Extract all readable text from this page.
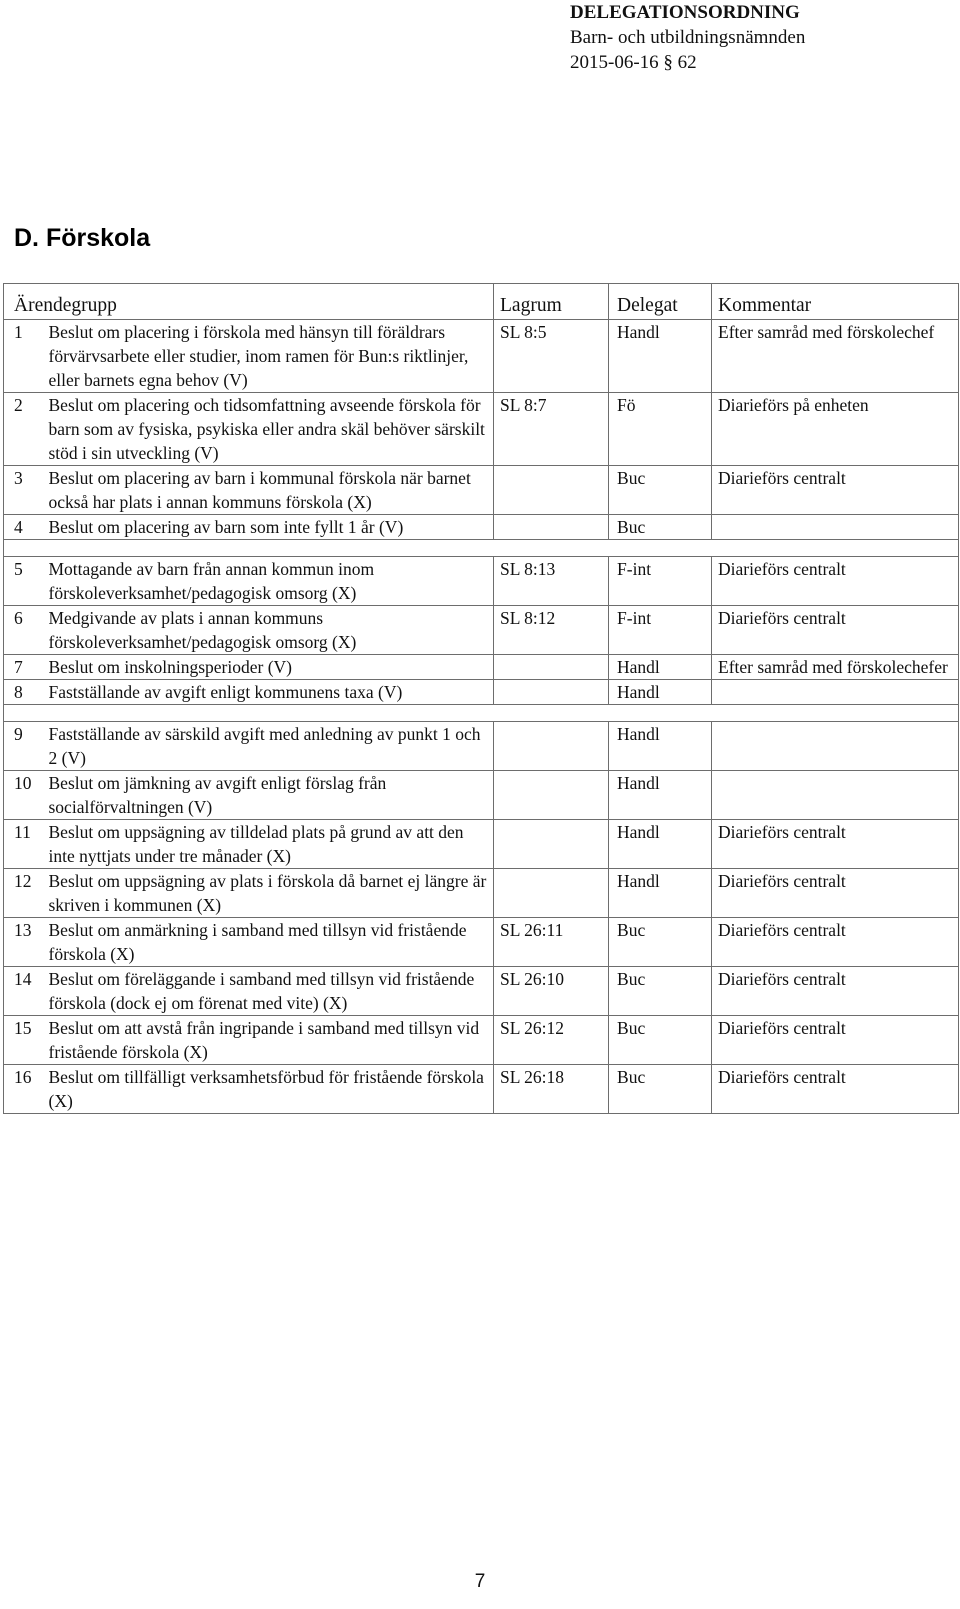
DELEGATIONSORDNING
Barn- och utbildningsnämnden
2015-06-16 § 62
D. Förskola
Ärendegrupp		Lagrum	Delegat	Kommentar
1	Beslut om placering i förskola med hänsyn till föräldrars förvärvsarbete eller studier, inom ramen för Bun:s riktlinjer, eller barnets egna behov (V)	SL 8:5	Handl	Efter samråd med förskolechef
2	Beslut om placering och tidsomfattning avseende förskola för barn som av fysiska, psykiska eller andra skäl behöver särskilt stöd i sin utveckling (V)	SL 8:7	Fö	Diarieförs på enheten
3	Beslut om placering av barn i kommunal förskola när barnet också har plats i annan kommuns förskola (X)		Buc	Diarieförs centralt
4	Beslut om placering av barn som inte fyllt 1 år (V)		Buc	

5	Mottagande av barn från annan kommun inom förskoleverksamhet/pedagogisk omsorg (X)	SL 8:13	F-int	Diarieförs centralt
6	Medgivande av plats i annan kommuns förskoleverksamhet/pedagogisk omsorg (X)	SL 8:12	F-int	Diarieförs centralt
7	Beslut om inskolningsperioder (V)		Handl	Efter samråd med förskolechefer
8	Fastställande av avgift enligt kommunens taxa (V)		Handl	

9	Fastställande av särskild avgift med anledning av punkt 1 och 2 (V)		Handl	
10	Beslut om jämkning av avgift enligt förslag från socialförvaltningen (V)		Handl	
11	Beslut om uppsägning av tilldelad plats på grund av att den inte nyttjats under tre månader (X)		Handl	Diarieförs centralt
12	Beslut om uppsägning av plats i förskola då barnet ej längre är skriven i kommunen (X)		Handl	Diarieförs centralt
13	Beslut om anmärkning i samband med tillsyn vid fristående förskola (X)	SL 26:11	Buc	Diarieförs centralt
14	Beslut om föreläggande i samband med tillsyn vid fristående förskola (dock ej om förenat med vite) (X)	SL 26:10	Buc	Diarieförs centralt
15	Beslut om att avstå från ingripande i samband med tillsyn vid fristående förskola (X)	SL 26:12	Buc	Diarieförs centralt
16	Beslut om tillfälligt verksamhetsförbud för fristående förskola (X)	SL 26:18	Buc	Diarieförs centralt
7
